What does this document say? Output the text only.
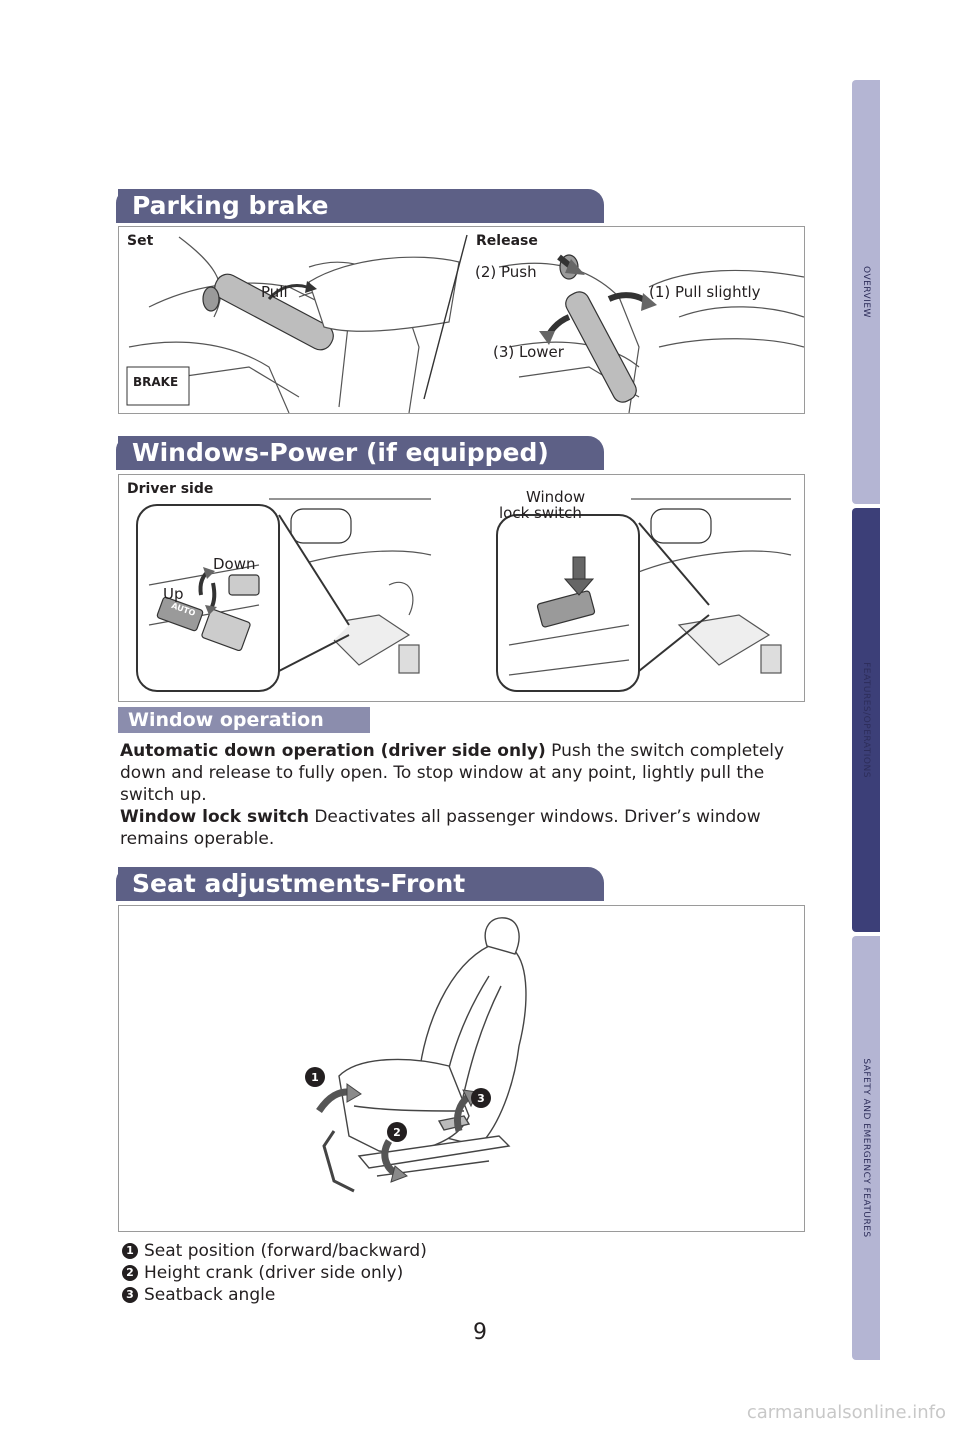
OVERVIEW
FEATURES/OPERATIONS
SAFETY AND EMERGENCY FEATURES
Parking brake
Set	Release
Pull
(2) Push
(1) Pull slightly
(3) Lower
BRAKE
Windows-Power (if equipped)
Driver side	Window
lock switch
Down
Up
AUTO
Window operation

Automatic down operation (driver side only) Push the switch completely down and release to fully open. To stop window at any point, lightly pull the switch up.

Window lock switch Deactivates all passenger windows. Driver’s window remains operable.

Seat adjustments-Front
1
2
3
1 Seat position (forward/backward)
2 Height crank (driver side only)
3 Seatback angle
9
carmanualsonline.info
